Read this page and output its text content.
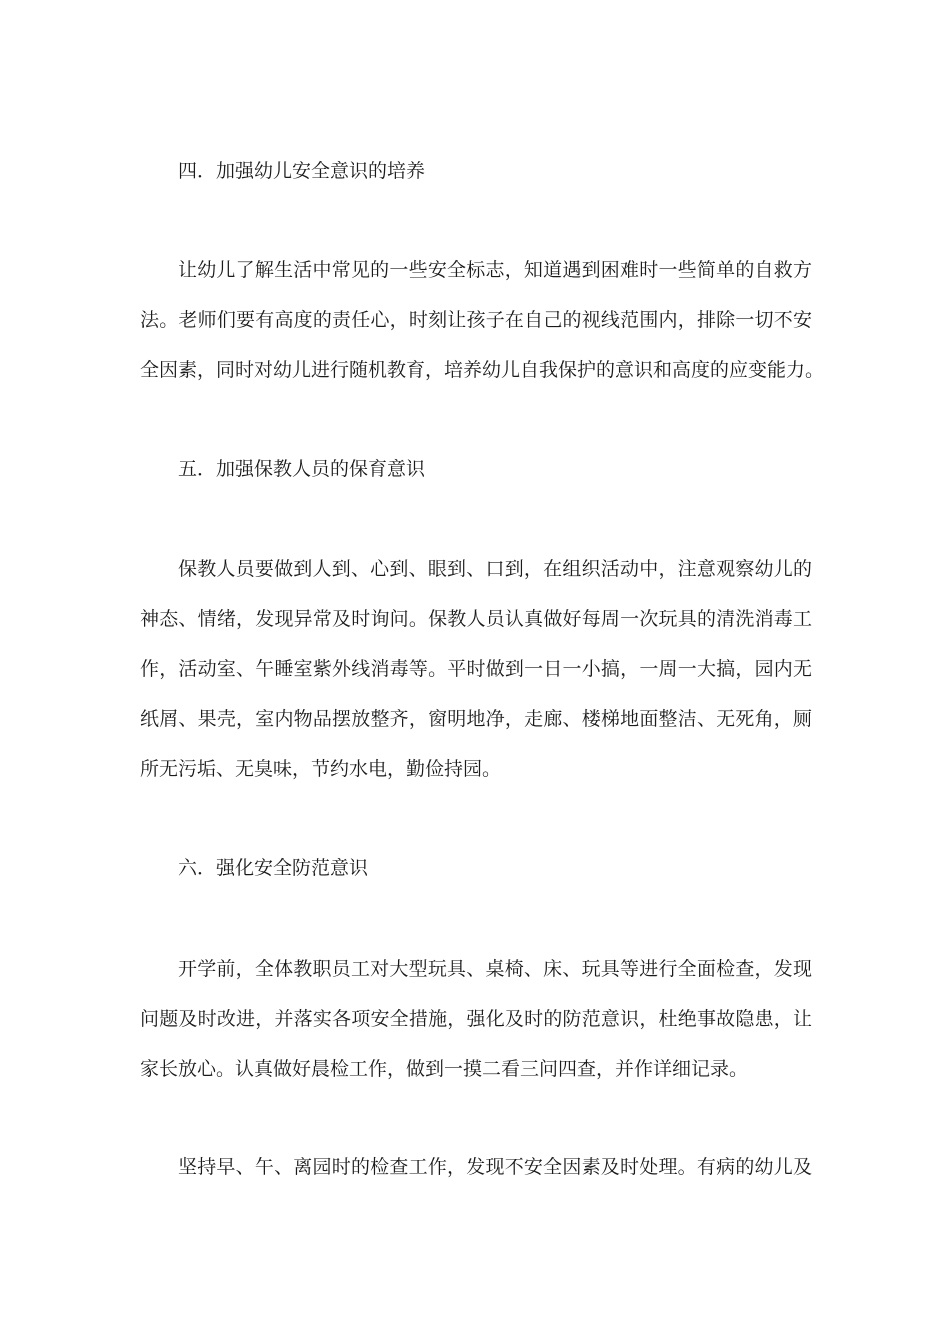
四．加强幼儿安全意识的培养
让幼儿了解生活中常见的一些安全标志，知道遇到困难时一些简单的自救方
法。老师们要有高度的责任心，时刻让孩子在自己的视线范围内，排除一切不安
全因素，同时对幼儿进行随机教育，培养幼儿自我保护的意识和高度的应变能力。
五．加强保教人员的保育意识
保教人员要做到人到、心到、眼到、口到，在组织活动中，注意观察幼儿的
神态、情绪，发现异常及时询问。保教人员认真做好每周一次玩具的清洗消毒工
作，活动室、午睡室紫外线消毒等。平时做到一日一小搞，一周一大搞，园内无
纸屑、果壳，室内物品摆放整齐，窗明地净，走廊、楼梯地面整洁、无死角，厕
所无污垢、无臭味，节约水电，勤俭持园。
六．强化安全防范意识
开学前，全体教职员工对大型玩具、桌椅、床、玩具等进行全面检查，发现
问题及时改进，并落实各项安全措施，强化及时的防范意识，杜绝事故隐患，让
家长放心。认真做好晨检工作，做到一摸二看三问四查，并作详细记录。
坚持早、午、离园时的检查工作，发现不安全因素及时处理。有病的幼儿及
